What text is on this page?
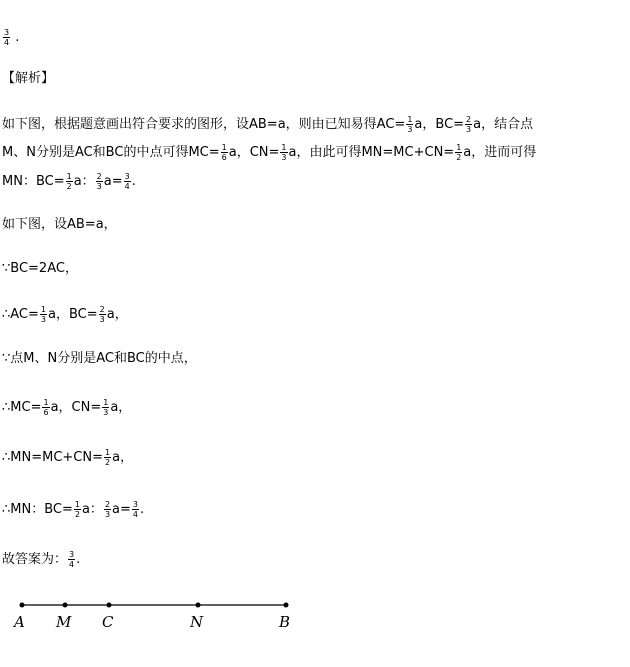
$\frac{3}{4}$ .
【解析】
如下图，根据题意画出符合要求的图形，设AB=a，则由已知易得$AC= \frac{1}{3}$ a，$BC= \frac{2}{3}$ a，结合点
M、N分别是AC和BC的中点可得$MC= \frac{1}{6}$ a，$CN= \frac{1}{3}$ a，由此可得$MN=MC+CN= \frac{1}{2}$ a，进而可得
MN：$BC= \frac{1}{2}$ a： $\frac{2}{3} a= \frac{3}{4}$ .
如下图，设AB=a，
∵BC=2AC，
∴AC= $\frac{1}{3}$ a，$BC= \frac{2}{3}$ a，
∵点M、N分别是AC和BC的中点，
∴MC= $\frac{1}{6}$ a，$CN= \frac{1}{3}$ a，
∴MN=MC+CN= $\frac{1}{2}$ a，
∴MN：$BC= \frac{1}{2}$ a： $\frac{2}{3} a= \frac{3}{4}$ .
故答案为： $\frac{3}{4}$ .
A M C	N	B
